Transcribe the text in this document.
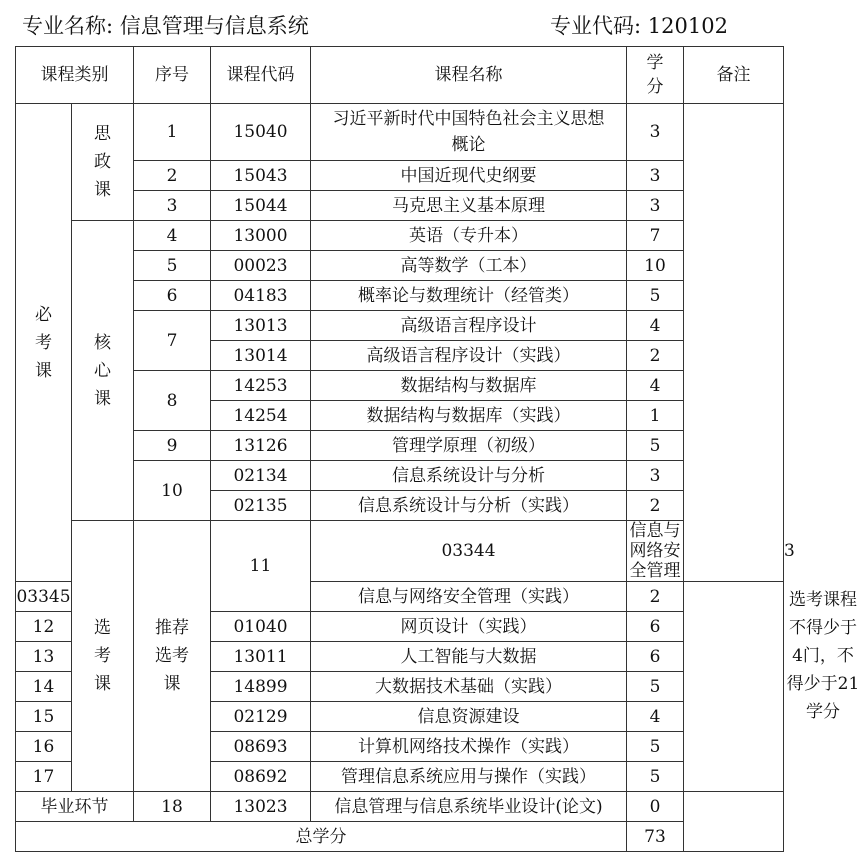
专业名称: 信息管理与信息系统	专业代码: 120102
课程类别		序号	课程代码	课程名称	学分	备注	
必考课	思政课	1	15040	习近平新时代中国特色社会主义思想概论	3		
		2	15043	中国近现代史纲要	3		
		3	15044	马克思主义基本原理	3		
	核心课	4	13000	英语（专升本）	7		
		5	00023	高等数学（工本）	10		
		6	04183	概率论与数理统计（经管类）	5		
		7	13013	高级语言程序设计	4		
			13014	高级语言程序设计（实践）	2		
		8	14253	数据结构与数据库	4		
			14254	数据结构与数据库（实践）	1		
		9	13126	管理学原理（初级）	5		
		10	02134	信息系统设计与分析	3		
			02135	信息系统设计与分析（实践）	2		
	选考课	推荐选考课	11	03344	信息与网络安全管理		3	选考课程不得少于4门，不得少于21学分
03345				信息与网络安全管理（实践）	2		
12			01040	网页设计（实践）	6		
13			13011	人工智能与大数据	6		
14			14899	大数据技术基础（实践）	5		
15			02129	信息资源建设	4		
16			08693	计算机网络技术操作（实践）	5		
17			08692	管理信息系统应用与操作（实践）	5		
毕业环节		18	13023	信息管理与信息系统毕业设计(论文)	0		
总学分					73		
